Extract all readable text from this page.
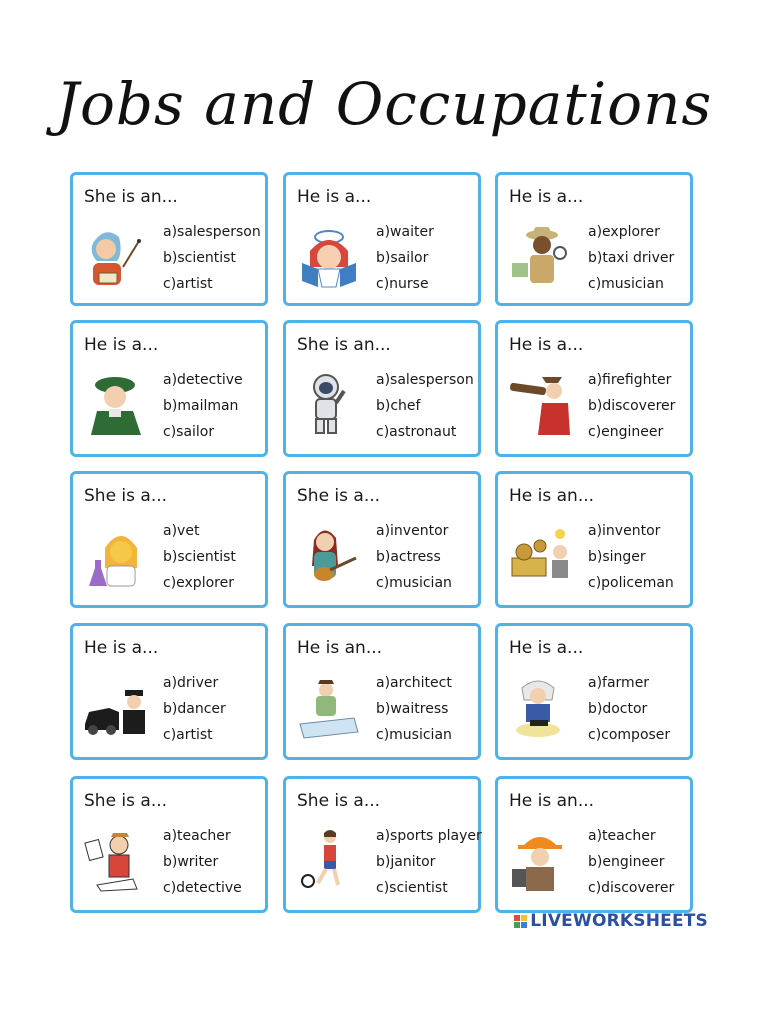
Jobs and Occupations
She is an...
a)salesperson
b)scientist
c)artist
He is a...
a)waiter
b)sailor
c)nurse
He is a...
a)explorer
b)taxi driver
c)musician
He is a...
a)detective
b)mailman
c)sailor
She is an...
a)salesperson
b)chef
c)astronaut
He is a...
a)firefighter
b)discoverer
c)engineer
She is a...
a)vet
b)scientist
c)explorer
She is a...
a)inventor
b)actress
c)musician
He is an...
a)inventor
b)singer
c)policeman
He is a...
a)driver
b)dancer
c)artist
He is an...
a)architect
b)waitress
c)musician
He is a...
a)farmer
b)doctor
c)composer
She is a...
a)teacher
b)writer
c)detective
She is a...
a)sports player
b)janitor
c)scientist
He is an...
a)teacher
b)engineer
c)discoverer
LIVEWORKSHEETS
